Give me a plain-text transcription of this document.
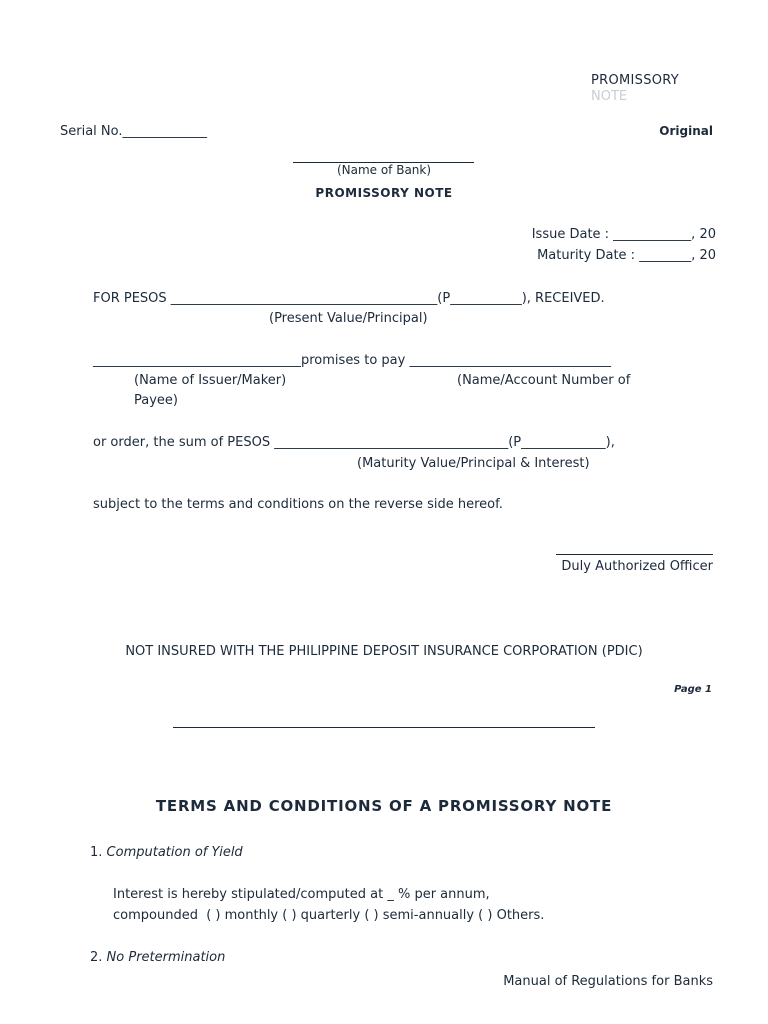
PROMISSORY
NOTE
Serial No._____________	Original
(Name of Bank)
PROMISSORY NOTE
Issue Date : ____________, 20
Maturity Date : ________, 20
FOR PESOS _________________________________________(P___________), RECEIVED.
(Present Value/Principal)
________________________________promises to pay _______________________________
(Name of Issuer/Maker)	(Name/Account Number of
Payee)
or order, the sum of PESOS ____________________________________(P_____________),
(Maturity Value/Principal & Interest)
subject to the terms and conditions on the reverse side hereof.
Duly Authorized Officer
NOT INSURED WITH THE PHILIPPINE DEPOSIT INSURANCE CORPORATION (PDIC)
Page 1
TERMS AND CONDITIONS OF A PROMISSORY NOTE
1. Computation of Yield
Interest is hereby stipulated/computed at _ % per annum,
compounded  ( ) monthly ( ) quarterly ( ) semi-annually ( ) Others.
2. No Pretermination
Manual of Regulations for Banks
